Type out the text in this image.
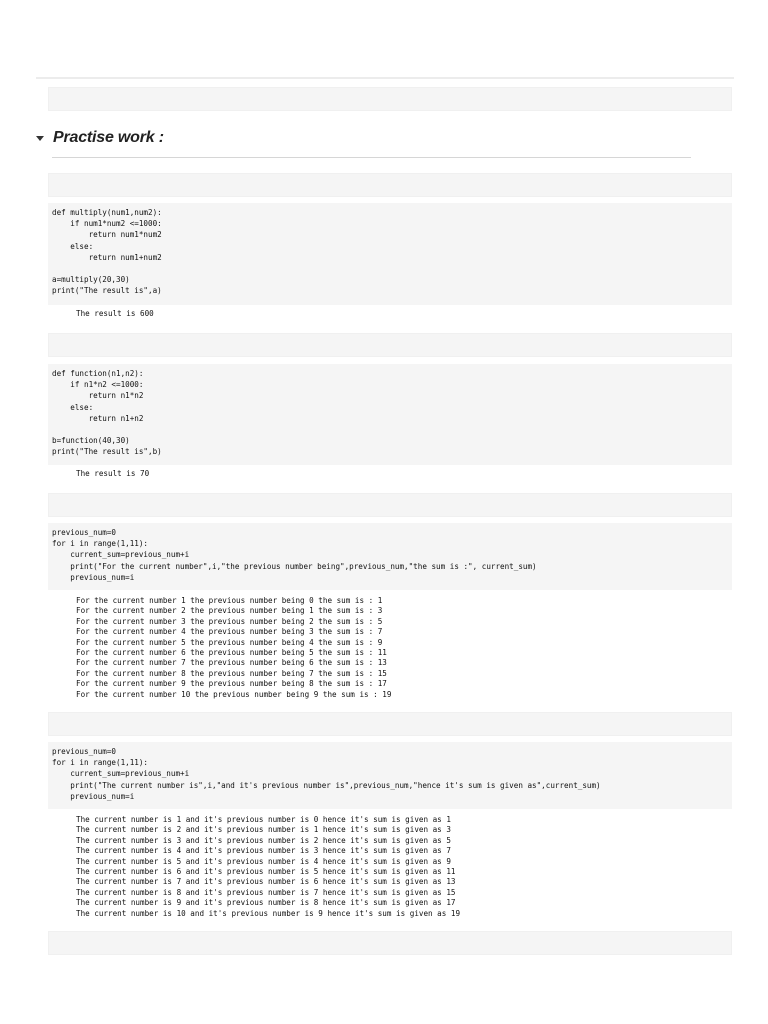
Practise work :
def multiply(num1,num2):
if num1*num2 <=1000:
return num1*num2
else:
return num1+num2

a=multiply(20,30)
print("The result is",a)
The result is 600
def function(n1,n2):
if n1*n2 <=1000:
return n1*n2
else:
return n1+n2

b=function(40,30)
print("The result is",b)
The result is 70
previous_num=0
for i in range(1,11):
current_sum=previous_num+i
print("For the current number",i,"the previous number being",previous_num,"the sum is :", current_sum)
previous_num=i
For the current number 1 the previous number being 0 the sum is : 1
For the current number 2 the previous number being 1 the sum is : 3
For the current number 3 the previous number being 2 the sum is : 5
For the current number 4 the previous number being 3 the sum is : 7
For the current number 5 the previous number being 4 the sum is : 9
For the current number 6 the previous number being 5 the sum is : 11
For the current number 7 the previous number being 6 the sum is : 13
For the current number 8 the previous number being 7 the sum is : 15
For the current number 9 the previous number being 8 the sum is : 17
For the current number 10 the previous number being 9 the sum is : 19
previous_num=0
for i in range(1,11):
current_sum=previous_num+i
print("The current number is",i,"and it's previous number is",previous_num,"hence it's sum is given as",current_sum)
previous_num=i
The current number is 1 and it's previous number is 0 hence it's sum is given as 1
The current number is 2 and it's previous number is 1 hence it's sum is given as 3
The current number is 3 and it's previous number is 2 hence it's sum is given as 5
The current number is 4 and it's previous number is 3 hence it's sum is given as 7
The current number is 5 and it's previous number is 4 hence it's sum is given as 9
The current number is 6 and it's previous number is 5 hence it's sum is given as 11
The current number is 7 and it's previous number is 6 hence it's sum is given as 13
The current number is 8 and it's previous number is 7 hence it's sum is given as 15
The current number is 9 and it's previous number is 8 hence it's sum is given as 17
The current number is 10 and it's previous number is 9 hence it's sum is given as 19
